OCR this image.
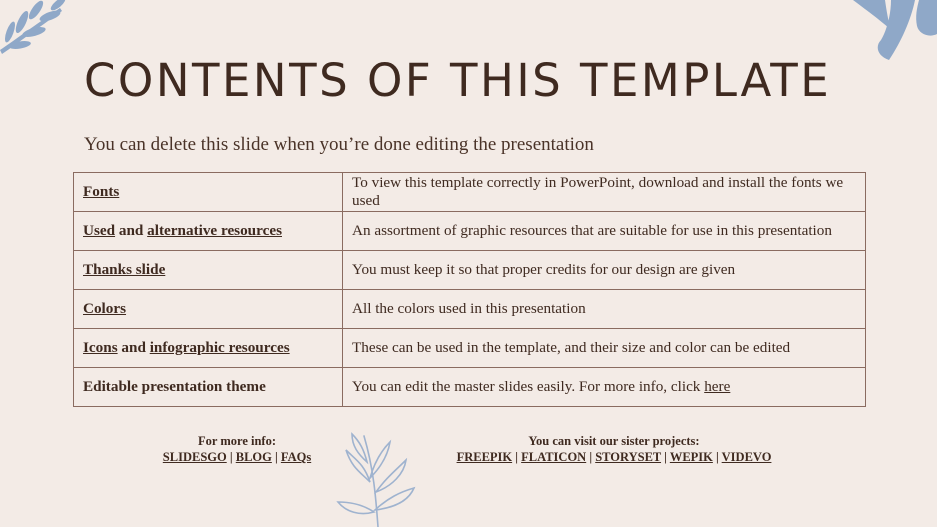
CONTENTS OF THIS TEMPLATE

You can delete this slide when you’re done editing the presentation

Fonts	To view this template correctly in PowerPoint, download and install the fonts we used
Used and alternative resources	An assortment of graphic resources that are suitable for use in this presentation
Thanks slide	You must keep it so that proper credits for our design are given
Colors	All the colors used in this presentation
Icons and infographic resources	These can be used in the template, and their size and color can be edited
Editable presentation theme	You can edit the master slides easily. For more info, click here
For more info:
SLIDESGO | BLOG | FAQs
You can visit our sister projects:
FREEPIK | FLATICON | STORYSET | WEPIK | VIDEVO
